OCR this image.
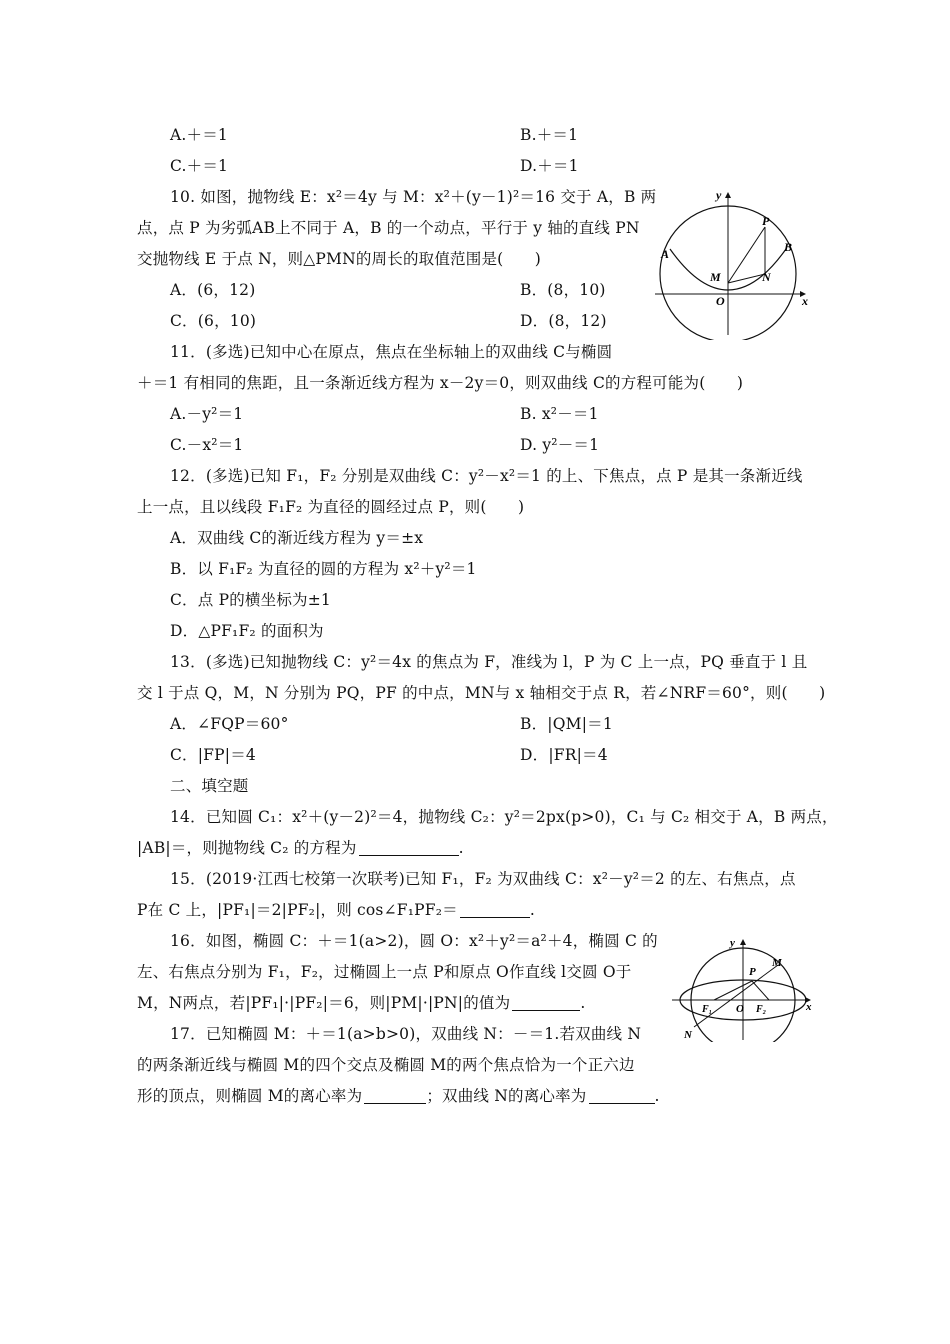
A.＋＝1	B.＋＝1
C.＋＝1	D.＋＝1
10. 如图，抛物线 E：x²＝4y 与 M：x²＋(y－1)²＝16 交于 A，B 两
点，点 P 为劣弧AB上不同于 A，B 的一个动点，平行于 y 轴的直线 PN
交抛物线 E 于点 N，则△PMN的周长的取值范围是(　　)
A．(6，12)	B．(8，10)
C．(6，10)	D．(8，12)
y
x
O
P
B
A
M	N
11．(多选)已知中心在原点，焦点在坐标轴上的双曲线 C与椭圆
＋＝1 有相同的焦距，且一条渐近线方程为 x－2y＝0，则双曲线 C的方程可能为(　　)
A.－y²＝1	B. x²－＝1
C.－x²＝1	D. y²－＝1
12．(多选)已知 F₁，F₂ 分别是双曲线 C：y²－x²＝1 的上、下焦点，点 P 是其一条渐近线
上一点，且以线段 F₁F₂ 为直径的圆经过点 P，则(　　)
A．双曲线 C的渐近线方程为 y＝±x
B．以 F₁F₂ 为直径的圆的方程为 x²＋y²＝1
C．点 P的横坐标为±1
D．△PF₁F₂ 的面积为
13．(多选)已知抛物线 C：y²＝4x 的焦点为 F，准线为 l，P 为 C 上一点，PQ 垂直于 l 且
交 l 于点 Q，M，N 分别为 PQ，PF 的中点，MN与 x 轴相交于点 R，若∠NRF＝60°，则(　　)
A．∠FQP＝60°	B．|QM|＝1
C．|FP|＝4	D．|FR|＝4
二、填空题
14．已知圆 C₁：x²＋(y－2)²＝4，抛物线 C₂：y²＝2px(p>0)，C₁ 与 C₂ 相交于 A，B 两点，
|AB|＝，则抛物线 C₂ 的方程为	.
15．(2019·江西七校第一次联考)已知 F₁，F₂ 为双曲线 C：x²－y²＝2 的左、右焦点，点
P在 C 上，|PF₁|＝2|PF₂|，则 cos∠F₁PF₂＝	.
16．如图，椭圆 C：＋＝1(a>2)，圆 O：x²＋y²＝a²＋4，椭圆 C 的
左、右焦点分别为 F₁，F₂，过椭圆上一点 P和原点 O作直线 l交圆 O于
M，N两点，若|PF₁|·|PF₂|＝6，则|PM|·|PN|的值为	.
y
x
M
P
F₁ O F₂
N
17．已知椭圆 M：＋＝1(a>b>0)，双曲线 N：－＝1.若双曲线 N
的两条渐近线与椭圆 M的四个交点及椭圆 M的两个焦点恰为一个正六边
形的顶点，则椭圆 M的离心率为	；双曲线 N的离心率为	.
